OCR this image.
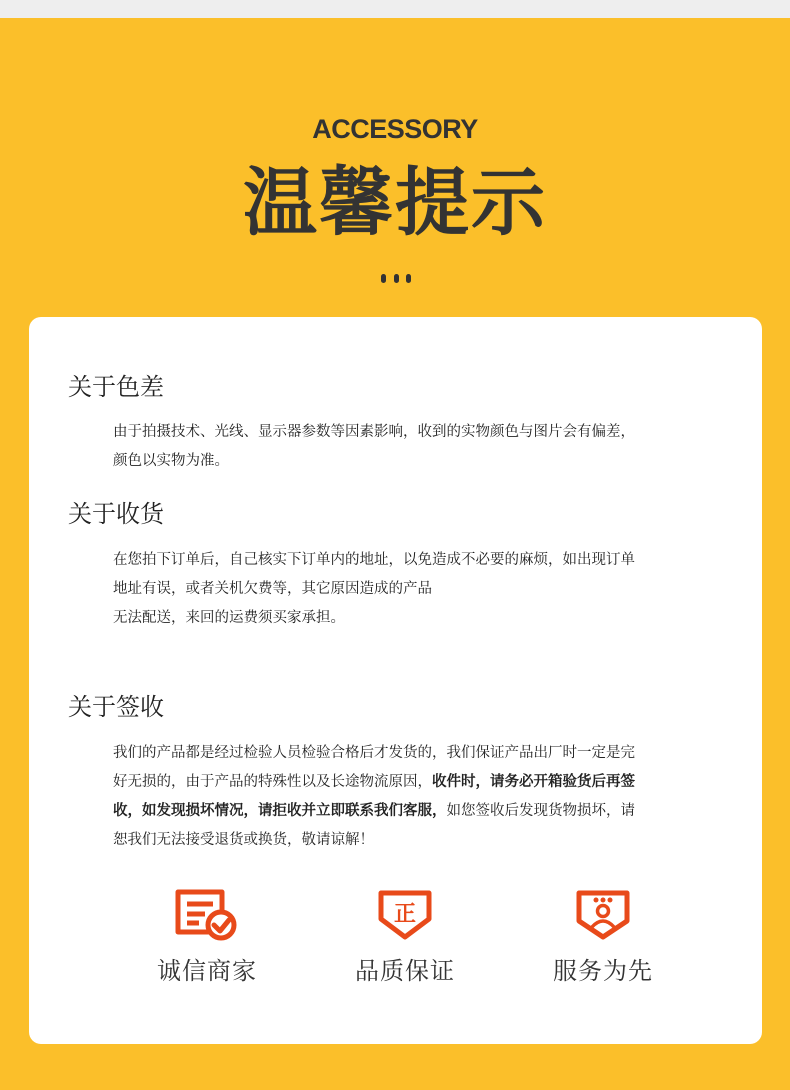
ACCESSORY
温馨提示
关于色差

由于拍摄技术、光线、显示器参数等因素影响，收到的实物颜色与图片会有偏差，
颜色以实物为准。

关于收货

在您拍下订单后，自己核实下订单内的地址，以免造成不必要的麻烦，如出现订单
地址有误，或者关机欠费等，其它原因造成的产品
无法配送，来回的运费须买家承担。

关于签收

我们的产品都是经过检验人员检验合格后才发货的，我们保证产品出厂时一定是完
好无损的，由于产品的特殊性以及长途物流原因，收件时，请务必开箱验货后再签
收，如发现损坏情况，请拒收并立即联系我们客服，如您签收后发现货物损坏，请
恕我们无法接受退货或换货，敬请谅解！

诚信商家
正
品质保证	服务为先
